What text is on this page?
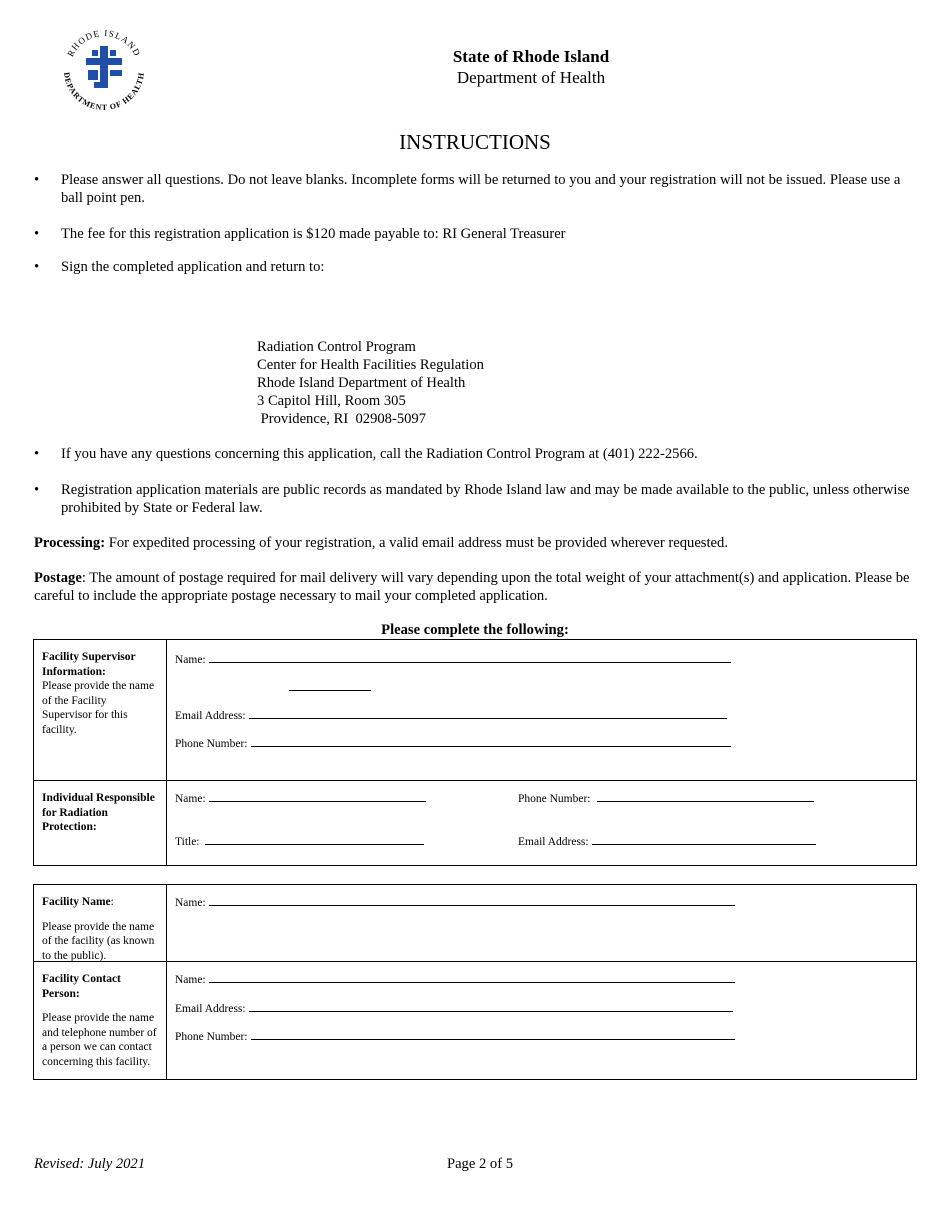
RHODE ISLAND
DEPARTMENT OF HEALTH
State of Rhode Island
Department of Health
INSTRUCTIONS
• Please answer all questions. Do not leave blanks. Incomplete forms will be returned to you and your registration will not be issued. Please use a ball point pen.
• The fee for this registration application is $120 made payable to: RI General Treasurer
• Sign the completed application and return to:
Radiation Control Program
Center for Health Facilities Regulation
Rhode Island Department of Health
3 Capitol Hill, Room 305
Providence, RI  02908-5097
• If you have any questions concerning this application, call the Radiation Control Program at (401) 222-2566.
• Registration application materials are public records as mandated by Rhode Island law and may be made available to the public, unless otherwise prohibited by State or Federal law.
Processing: For expedited processing of your registration, a valid email address must be provided wherever requested.
Postage: The amount of postage required for mail delivery will vary depending upon the total weight of your attachment(s) and application. Please be careful to include the appropriate postage necessary to mail your completed application.
Please complete the following:
Facility Supervisor Information:
Please provide the name of the Facility Supervisor for this facility.
Name:
Email Address:
Phone Number:
Individual Responsible for Radiation Protection:
Name:	Phone Number:
Title:	Email Address:
Facility Name:
Please provide the name of the facility (as known to the public).
Name:
Facility Contact Person:
Please provide the name and telephone number of a person we can contact concerning this facility.
Name:
Email Address:
Phone Number:
Revised: July 2021	Page 2 of 5
